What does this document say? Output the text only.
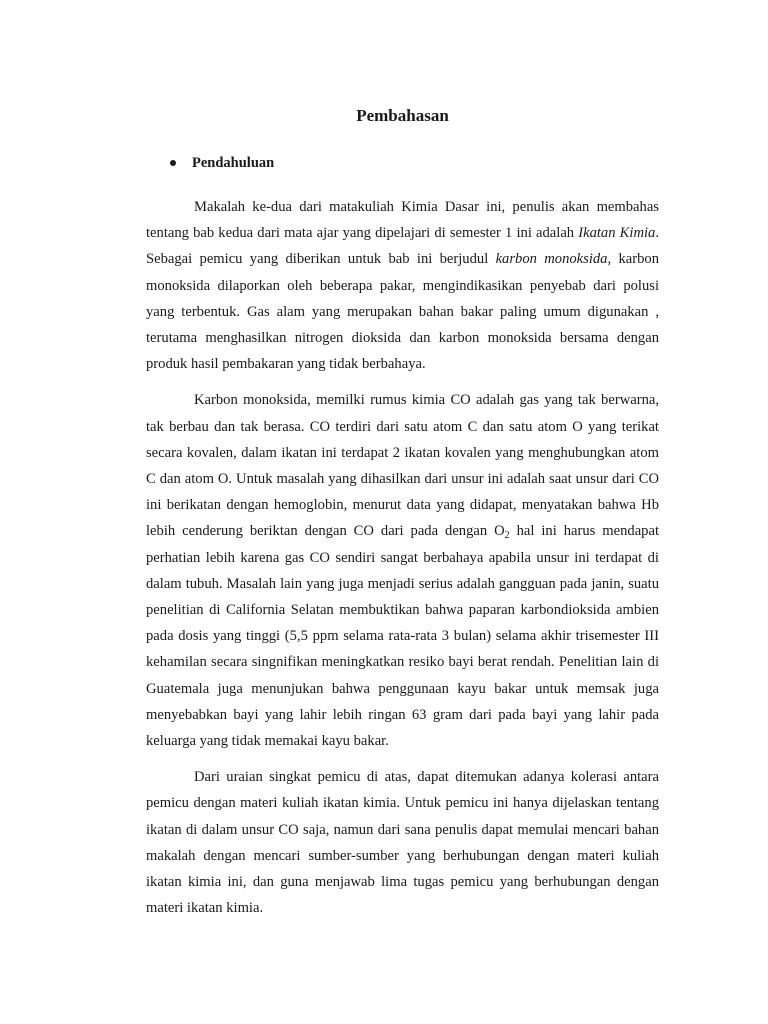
Pembahasan
Pendahuluan

Makalah ke-dua dari matakuliah Kimia Dasar ini, penulis akan membahas tentang bab kedua dari mata ajar yang dipelajari di semester 1 ini adalah Ikatan Kimia. Sebagai pemicu yang diberikan untuk bab ini berjudul karbon monoksida, karbon monoksida dilaporkan oleh beberapa pakar, mengindikasikan penyebab dari polusi yang terbentuk. Gas alam yang merupakan bahan bakar paling umum digunakan , terutama menghasilkan nitrogen dioksida dan karbon monoksida bersama dengan produk hasil pembakaran yang tidak berbahaya.

Karbon monoksida, memilki rumus kimia CO adalah gas yang tak berwarna, tak berbau dan tak berasa. CO terdiri dari satu atom C dan satu atom O yang terikat secara kovalen, dalam ikatan ini terdapat 2 ikatan kovalen yang menghubungkan atom C dan atom O. Untuk masalah yang dihasilkan dari unsur ini adalah saat unsur dari CO ini berikatan dengan hemoglobin, menurut data yang didapat, menyatakan bahwa Hb lebih cenderung beriktan dengan CO dari pada dengan $O_2$ hal ini harus mendapat perhatian lebih karena gas CO sendiri sangat berbahaya apabila unsur ini terdapat di dalam tubuh. Masalah lain yang juga menjadi serius adalah gangguan pada janin, suatu penelitian di California Selatan membuktikan bahwa paparan karbondioksida ambien pada dosis yang tinggi (5,5 ppm selama rata-rata 3 bulan) selama akhir trisemester III kehamilan secara singnifikan meningkatkan resiko bayi berat rendah. Penelitian lain di Guatemala juga menunjukan bahwa penggunaan kayu bakar untuk memsak juga menyebabkan bayi yang lahir lebih ringan 63 gram dari pada bayi yang lahir pada keluarga yang tidak memakai kayu bakar.

Dari uraian singkat pemicu di atas, dapat ditemukan adanya kolerasi antara pemicu dengan materi kuliah ikatan kimia. Untuk pemicu ini hanya dijelaskan tentang ikatan di dalam unsur CO saja, namun dari sana penulis dapat memulai mencari bahan makalah dengan mencari sumber-sumber yang berhubungan dengan materi kuliah ikatan kimia ini, dan guna menjawab lima tugas pemicu yang berhubungan dengan materi ikatan kimia.
